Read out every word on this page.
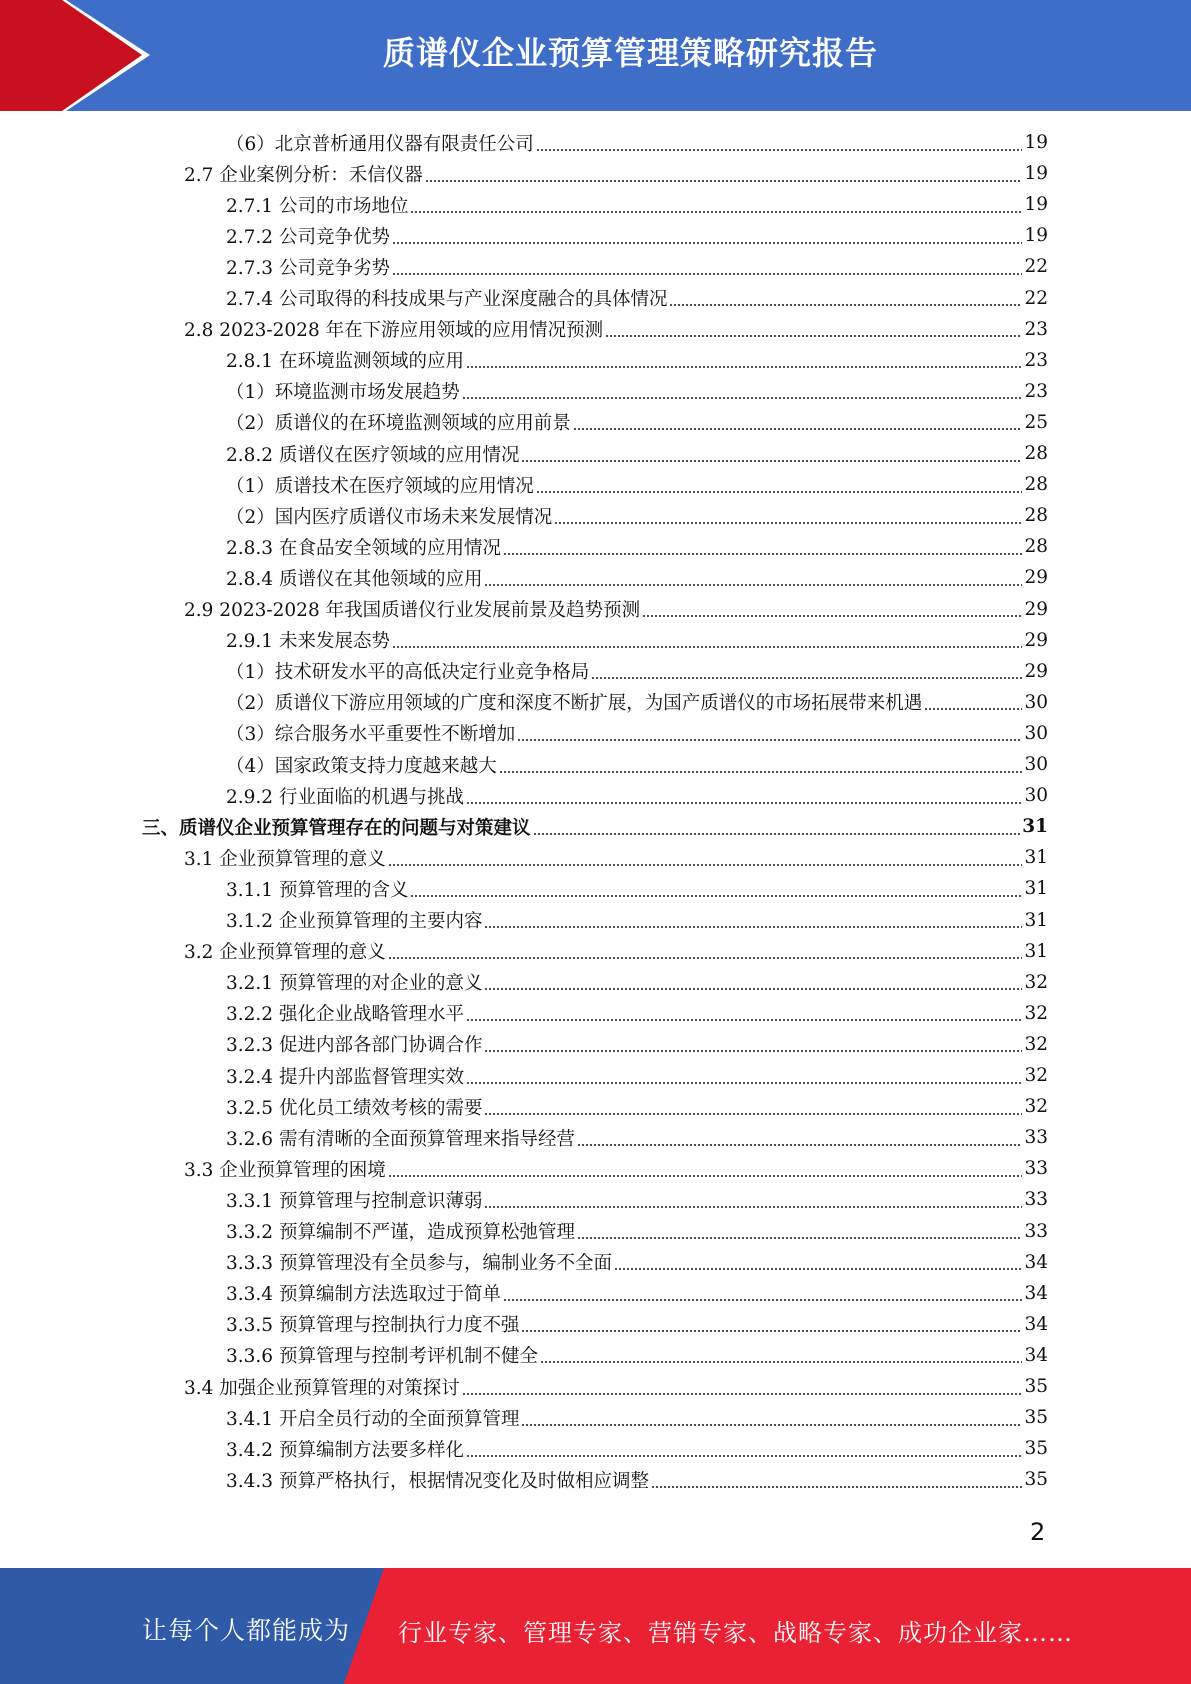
质谱仪企业预算管理策略研究报告
（6）北京普析通用仪器有限责任公司	19
2.7 企业案例分析：禾信仪器	19
2.7.1 公司的市场地位	19
2.7.2 公司竞争优势	19
2.7.3 公司竞争劣势	22
2.7.4 公司取得的科技成果与产业深度融合的具体情况	22
2.8 2023-2028 年在下游应用领域的应用情况预测	23
2.8.1 在环境监测领域的应用	23
（1）环境监测市场发展趋势	23
（2）质谱仪的在环境监测领域的应用前景	25
2.8.2 质谱仪在医疗领域的应用情况	28
（1）质谱技术在医疗领域的应用情况	28
（2）国内医疗质谱仪市场未来发展情况	28
2.8.3 在食品安全领域的应用情况	28
2.8.4 质谱仪在其他领域的应用	29
2.9 2023-2028 年我国质谱仪行业发展前景及趋势预测	29
2.9.1 未来发展态势	29
（1）技术研发水平的高低决定行业竞争格局	29
（2）质谱仪下游应用领域的广度和深度不断扩展，为国产质谱仪的市场拓展带来机遇	30
（3）综合服务水平重要性不断增加	30
（4）国家政策支持力度越来越大	30
2.9.2 行业面临的机遇与挑战	30
三、质谱仪企业预算管理存在的问题与对策建议	31
3.1 企业预算管理的意义	31
3.1.1 预算管理的含义	31
3.1.2 企业预算管理的主要内容	31
3.2 企业预算管理的意义	31
3.2.1 预算管理的对企业的意义	32
3.2.2 强化企业战略管理水平	32
3.2.3 促进内部各部门协调合作	32
3.2.4 提升内部监督管理实效	32
3.2.5 优化员工绩效考核的需要	32
3.2.6 需有清晰的全面预算管理来指导经营	33
3.3 企业预算管理的困境	33
3.3.1 预算管理与控制意识薄弱	33
3.3.2 预算编制不严谨，造成预算松弛管理	33
3.3.3 预算管理没有全员参与，编制业务不全面	34
3.3.4 预算编制方法选取过于简单	34
3.3.5 预算管理与控制执行力度不强	34
3.3.6 预算管理与控制考评机制不健全	34
3.4 加强企业预算管理的对策探讨	35
3.4.1 开启全员行动的全面预算管理	35
3.4.2 预算编制方法要多样化	35
3.4.3 预算严格执行，根据情况变化及时做相应调整	35
2
让每个人都能成为 行业专家、管理专家、营销专家、战略专家、成功企业家……
